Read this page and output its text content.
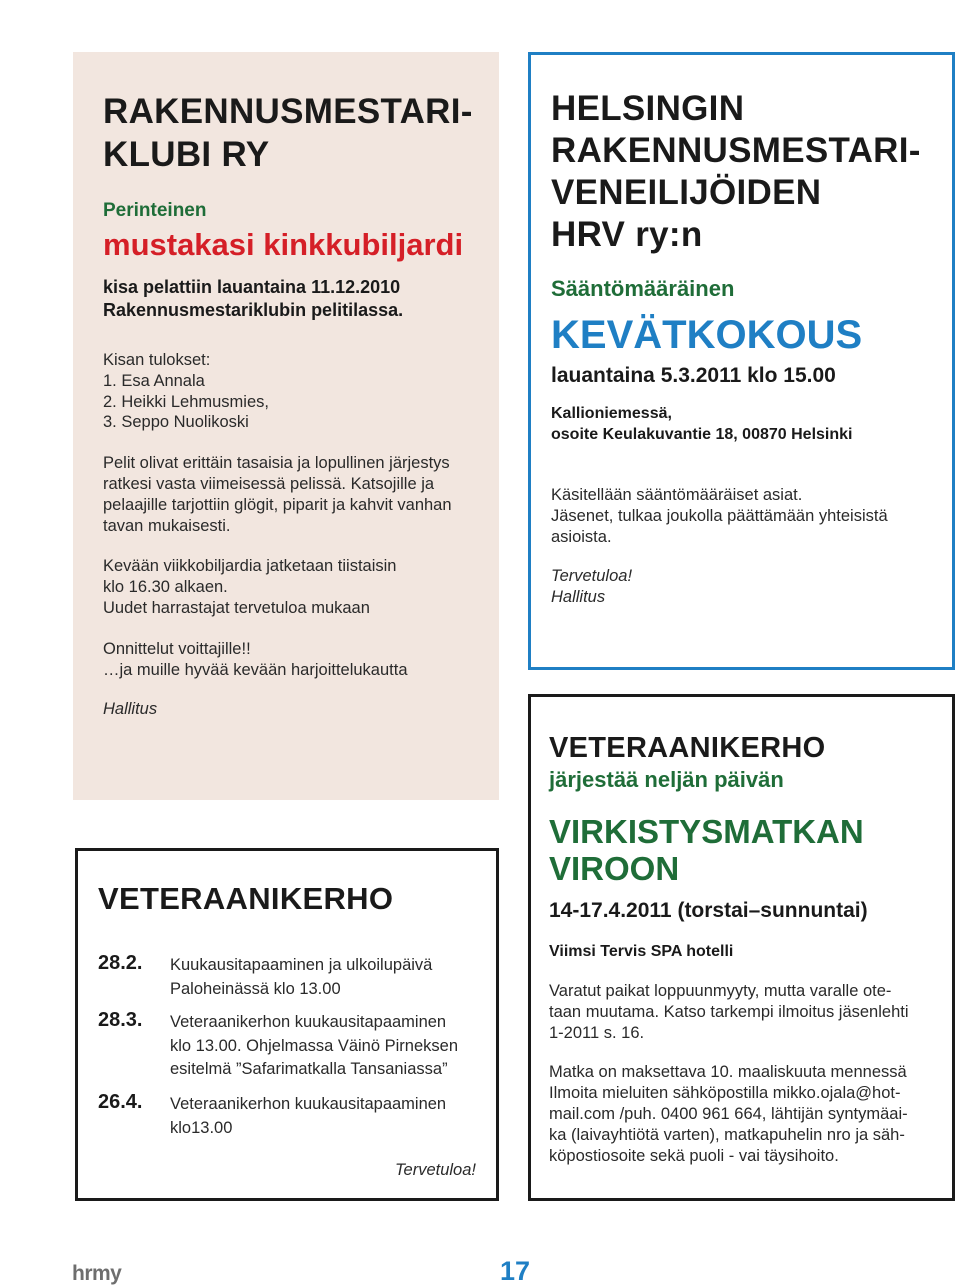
RAKENNUSMESTARI-
KLUBI RY
Perinteinen
mustakasi kinkkubiljardi
kisa pelattiin lauantaina 11.12.2010
Rakennusmestariklubin pelitilassa.
Kisan tulokset:
1. Esa Annala
2. Heikki Lehmusmies,
3. Seppo Nuolikoski
Pelit olivat erittäin tasaisia ja lopullinen järjestys
ratkesi vasta viimeisessä pelissä. Katsojille ja
pelaajille tarjottiin glögit, piparit ja kahvit vanhan
tavan mukaisesti.
Kevään viikkobiljardia jatketaan tiistaisin
klo 16.30 alkaen.
Uudet harrastajat tervetuloa mukaan
Onnittelut voittajille!!
…ja muille hyvää kevään harjoittelukautta
Hallitus
HELSINGIN
RAKENNUSMESTARI-
VENEILIJÖIDEN
HRV ry:n
Sääntömääräinen
KEVÄTKOKOUS
lauantaina 5.3.2011 klo 15.00
Kallioniemessä,
osoite Keulakuvantie 18, 00870 Helsinki
Käsitellään sääntömääräiset asiat.
Jäsenet, tulkaa joukolla päättämään yhteisistä
asioista.
Tervetuloa!
Hallitus
VETERAANIKERHO
28.2. Kuukausitapaaminen ja ulkoilupäivä
Paloheinässä klo 13.00
28.3. Veteraanikerhon kuukausitapaaminen
klo 13.00. Ohjelmassa Väinö Pirneksen
esitelmä ”Safarimatkalla Tansaniassa”
26.4. Veteraanikerhon kuukausitapaaminen
klo13.00
Tervetuloa!
VETERAANIKERHO
järjestää neljän päivän
VIRKISTYSMATKAN
VIROON
14-17.4.2011 (torstai–sunnuntai)
Viimsi Tervis SPA hotelli
Varatut paikat loppuunmyyty, mutta varalle ote-
taan muutama. Katso tarkempi ilmoitus jäsenlehti
1-2011 s. 16.
Matka on maksettava 10. maaliskuuta mennessä
Ilmoita mieluiten sähköpostilla mikko.ojala@hot-
mail.com /puh. 0400 961 664, lähtijän syntymäai-
ka (laivayhtiötä varten), matkapuhelin nro ja säh-
köpostiosoite sekä puoli - vai täysihoito.
hrmy	17
